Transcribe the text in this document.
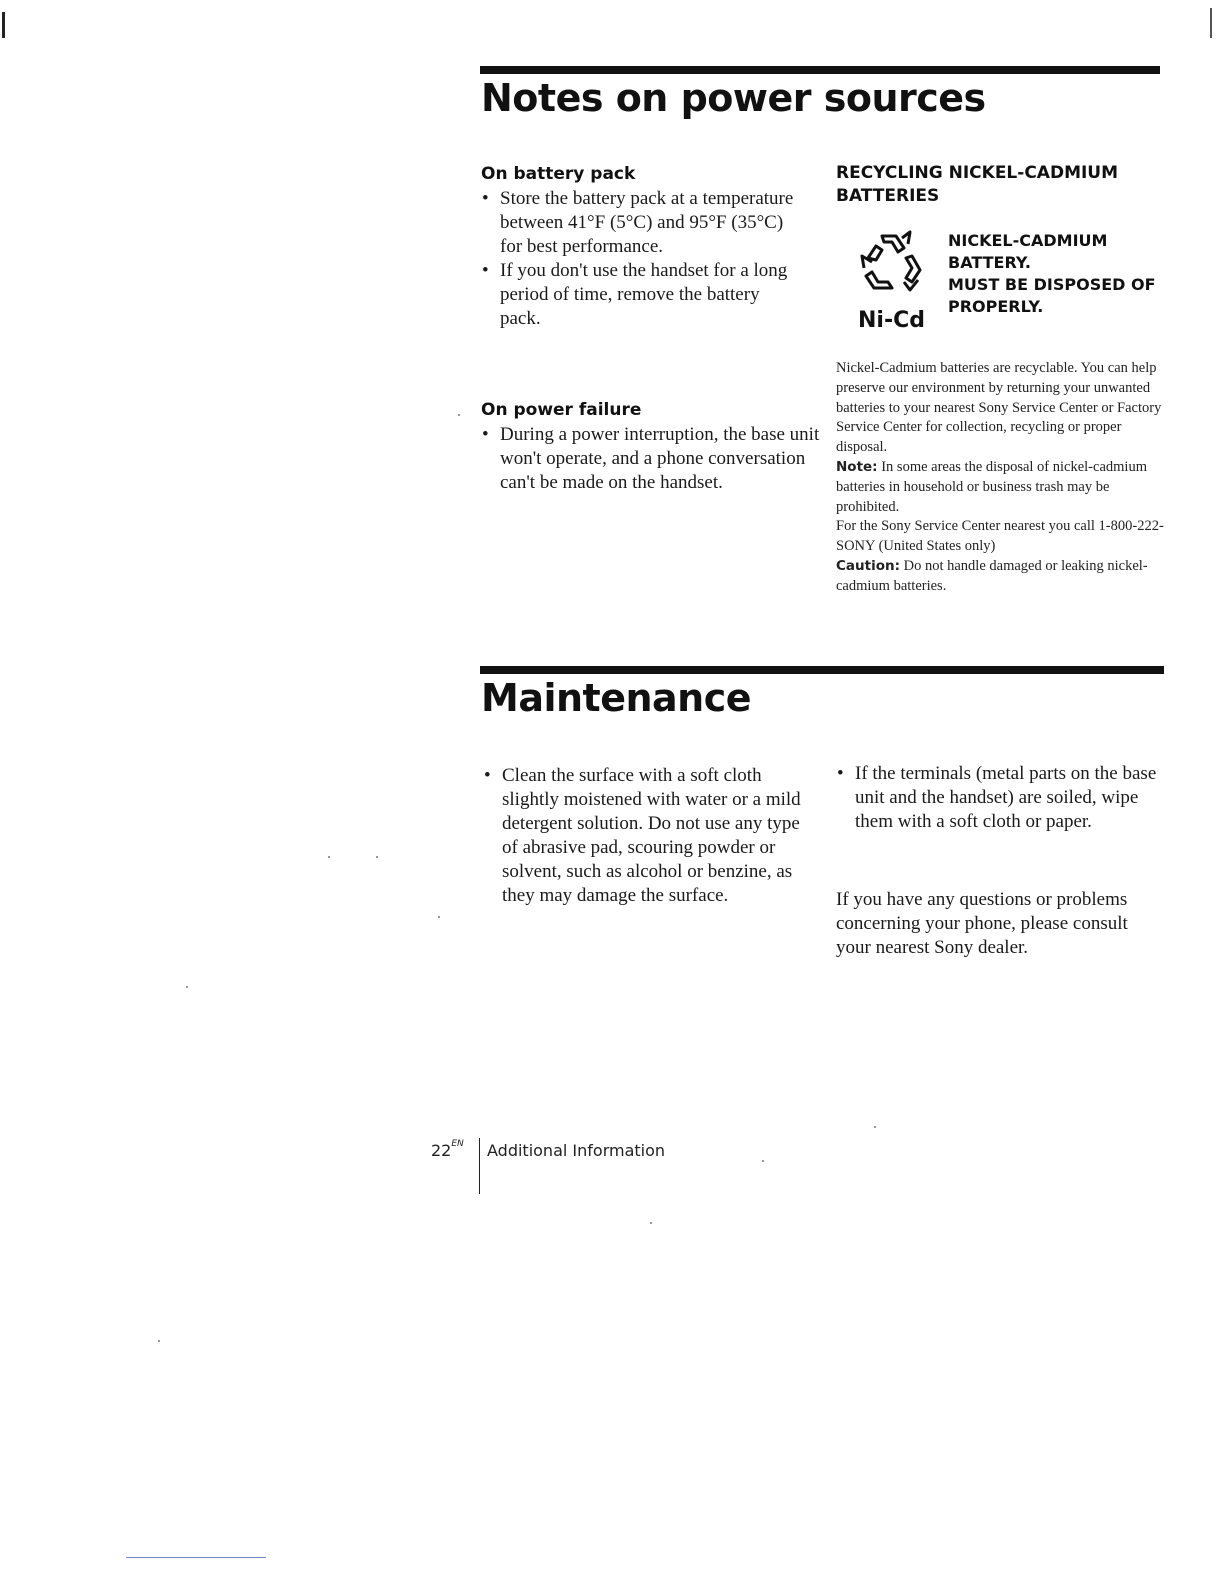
Notes on power sources
On battery pack
• Store the battery pack at a temperature between 41°F (5°C) and 95°F (35°C) for best performance.
• If you don't use the handset for a long period of time, remove the battery pack.
On power failure
• During a power interruption, the base unit won't operate, and a phone conversation can't be made on the handset.
RECYCLING NICKEL-CADMIUM BATTERIES
Ni-Cd

NICKEL-CADMIUM
BATTERY.
MUST BE DISPOSED OF
PROPERLY.

Nickel-Cadmium batteries are recyclable. You can help preserve our environment by returning your unwanted batteries to your nearest Sony Service Center or Factory Service Center for collection, recycling or proper disposal.

Note: In some areas the disposal of nickel-cadmium batteries in household or business trash may be prohibited.

For the Sony Service Center nearest you call 1-800-222-SONY (United States only)

Caution: Do not handle damaged or leaking nickel-cadmium batteries.

Maintenance
• Clean the surface with a soft cloth slightly moistened with water or a mild detergent solution. Do not use any type of abrasive pad, scouring powder or solvent, such as alcohol or benzine, as they may damage the surface.
• If the terminals (metal parts on the base unit and the handset) are soiled, wipe them with a soft cloth or paper.

If you have any questions or problems concerning your phone, please consult your nearest Sony dealer.

$22^{EN}$ Additional Information
